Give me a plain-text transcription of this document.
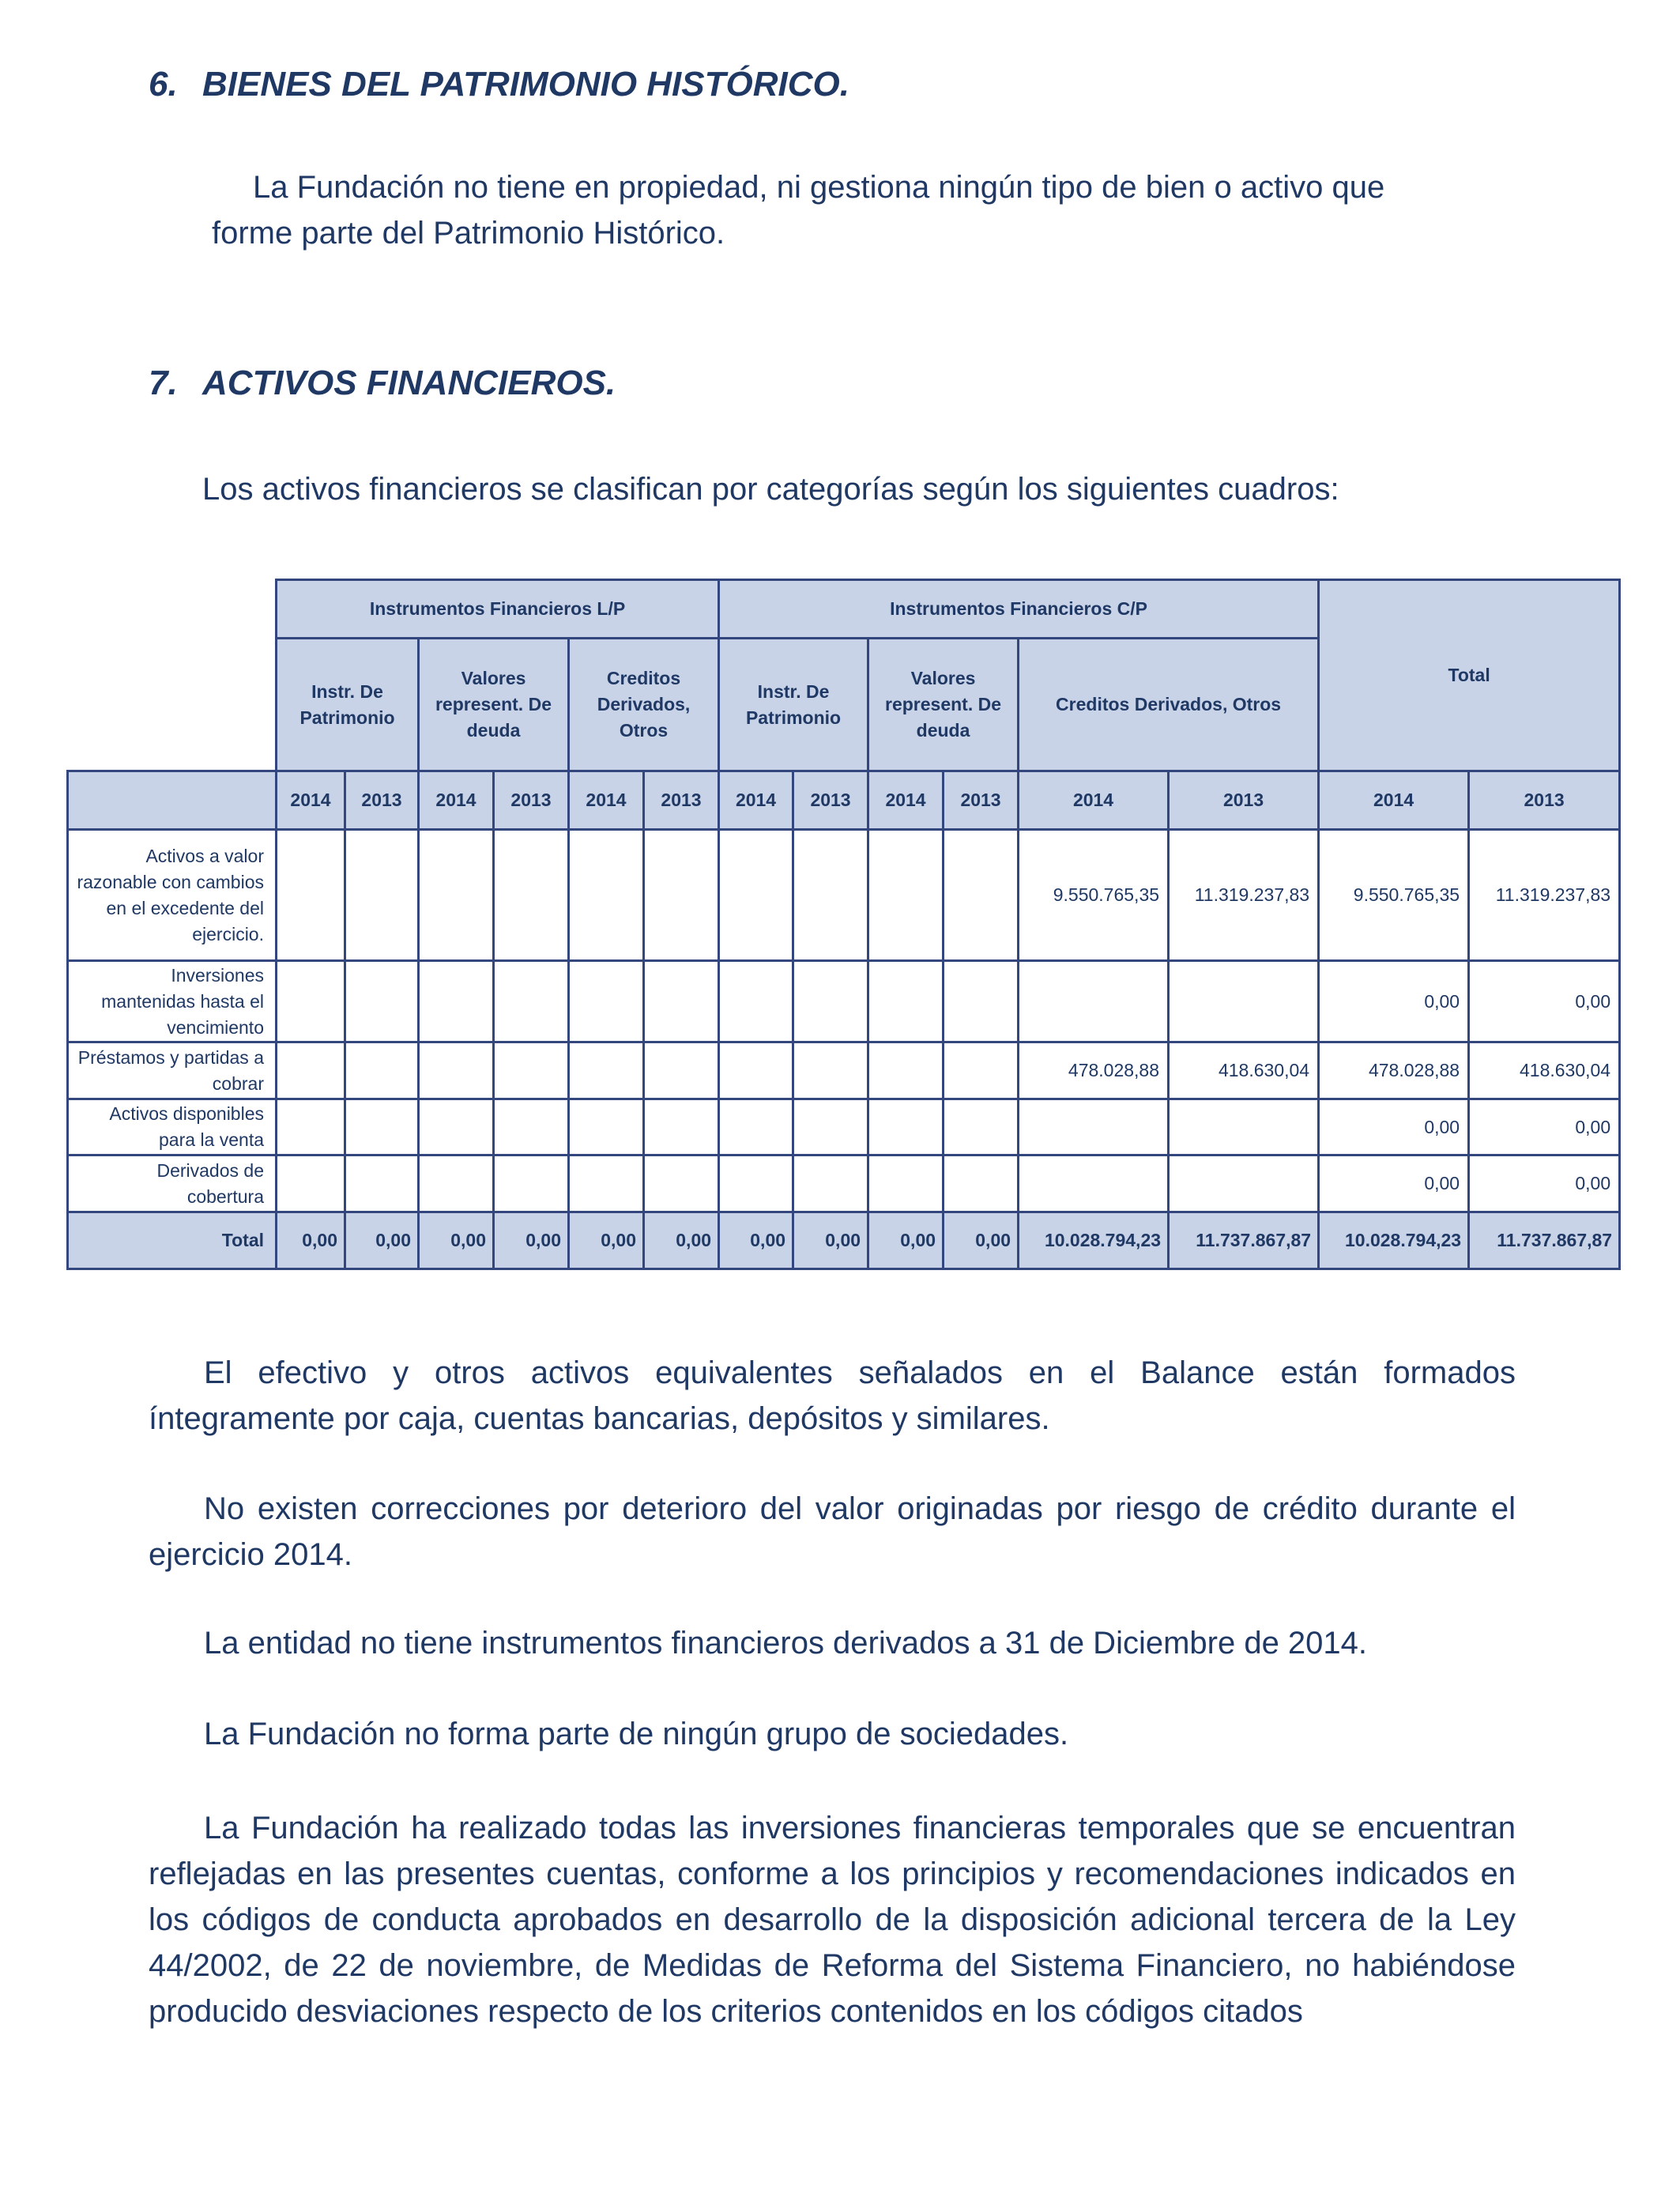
6. BIENES DEL PATRIMONIO HISTÓRICO.

La Fundación no tiene en propiedad, ni gestiona ningún tipo de bien o activo que

forme parte del Patrimonio Histórico.

7. ACTIVOS FINANCIEROS.

Los activos financieros se clasifican por categorías según los siguientes cuadros:

	Instrumentos Financieros L/P						Instrumentos Financieros C/P						Total	
	Instr. De Patrimonio		Valores represent. De deuda		Creditos Derivados, Otros		Instr. De Patrimonio		Valores represent. De deuda		Creditos Derivados, Otros			
	2014	2013	2014	2013	2014	2013	2014	2013	2014	2013	2014	2013	2014	2013
Activos a valor razonable con cambios en el excedente del ejercicio.											9.550.765,35	11.319.237,83	9.550.765,35	11.319.237,83
Inversiones mantenidas hasta el vencimiento													0,00	0,00
Préstamos y partidas a cobrar											478.028,88	418.630,04	478.028,88	418.630,04
Activos disponibles para la venta													0,00	0,00
Derivados de cobertura													0,00	0,00
Total	0,00	0,00	0,00	0,00	0,00	0,00	0,00	0,00	0,00	0,00	10.028.794,23	11.737.867,87	10.028.794,23	11.737.867,87

El efectivo y otros activos equivalentes señalados en el Balance están formados íntegramente por caja, cuentas bancarias, depósitos y similares.

No existen correcciones por deterioro del valor originadas por riesgo de crédito durante el ejercicio 2014.

La entidad no tiene instrumentos financieros derivados a 31 de Diciembre de 2014.

La Fundación no forma parte de ningún grupo de sociedades.

La Fundación ha realizado todas las inversiones financieras temporales que se encuentran reflejadas en las presentes cuentas, conforme a los principios y recomendaciones indicados en los códigos de conducta aprobados en desarrollo de la disposición adicional tercera de la Ley 44/2002, de 22 de noviembre, de Medidas de Reforma del Sistema Financiero, no habiéndose producido desviaciones respecto de los criterios contenidos en los códigos citados
